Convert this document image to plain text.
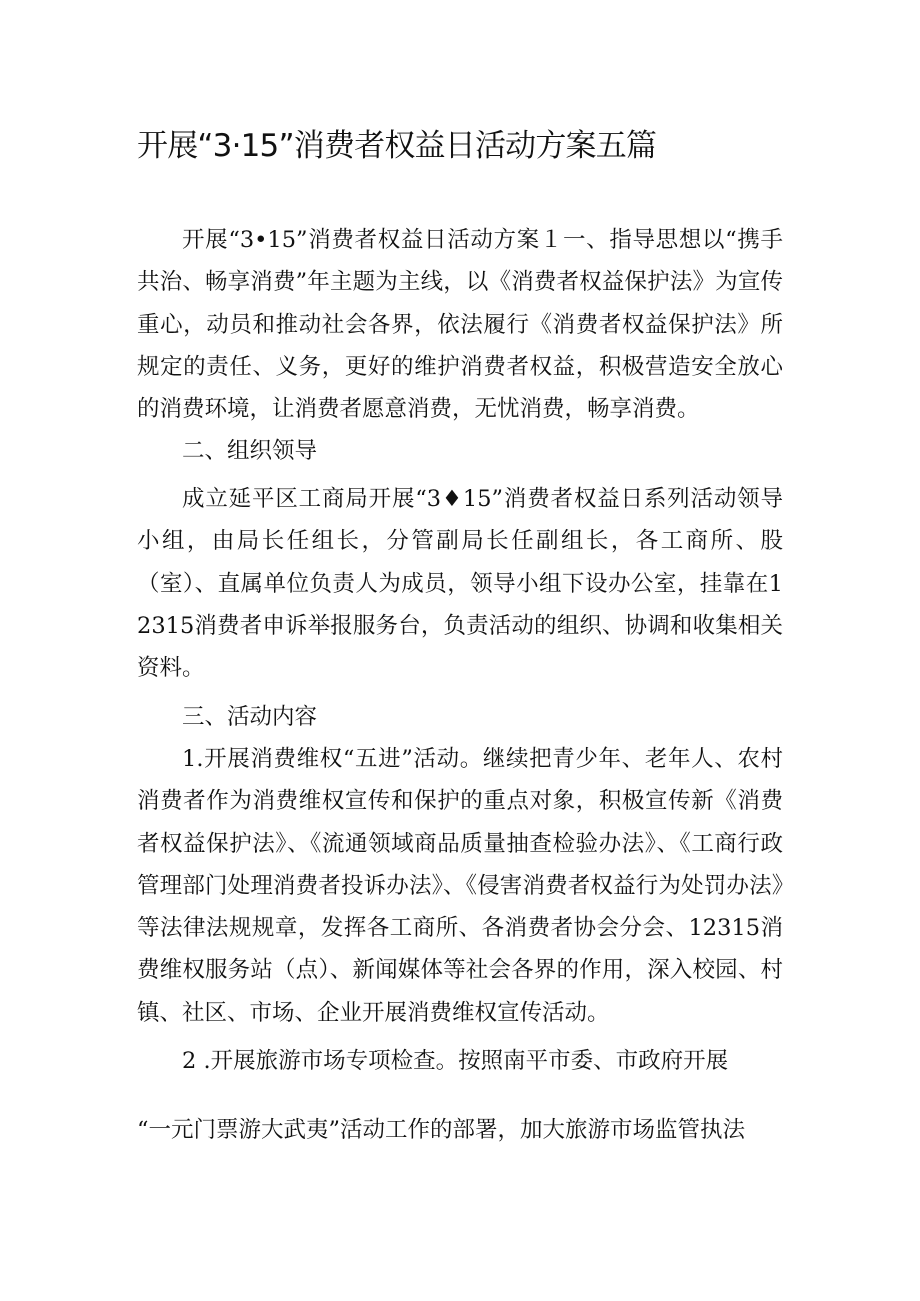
开展“3·15”消费者权益日活动方案五篇

开展“3•15”消费者权益日活动方案１一、指导思想以“携手共治、畅享消费”年主题为主线，以《消费者权益保护法》为宣传重心，动员和推动社会各界，依法履行《消费者权益保护法》所规定的责任、义务，更好的维护消费者权益，积极营造安全放心的消费环境，让消费者愿意消费，无忧消费，畅享消费。

二、组织领导

成立延平区工商局开展“3♦15”消费者权益日系列活动领导小组，由局长任组长，分管副局长任副组长，各工商所、股（室）、直属单位负责人为成员，领导小组下设办公室，挂靠在12315消费者申诉举报服务台，负责活动的组织、协调和收集相关资料。

三、活动内容

1.开展消费维权“五进”活动。继续把青少年、老年人、农村消费者作为消费维权宣传和保护的重点对象，积极宣传新《消费者权益保护法》、《流通领域商品质量抽查检验办法》、《工商行政管理部门处理消费者投诉办法》、《侵害消费者权益行为处罚办法》等法律法规规章，发挥各工商所、各消费者协会分会、12315消费维权服务站（点）、新闻媒体等社会各界的作用，深入校园、村镇、社区、市场、企业开展消费维权宣传活动。

2 .开展旅游市场专项检查。按照南平市委、市政府开展

“一元门票游大武夷”活动工作的部署，加大旅游市场监管执法
